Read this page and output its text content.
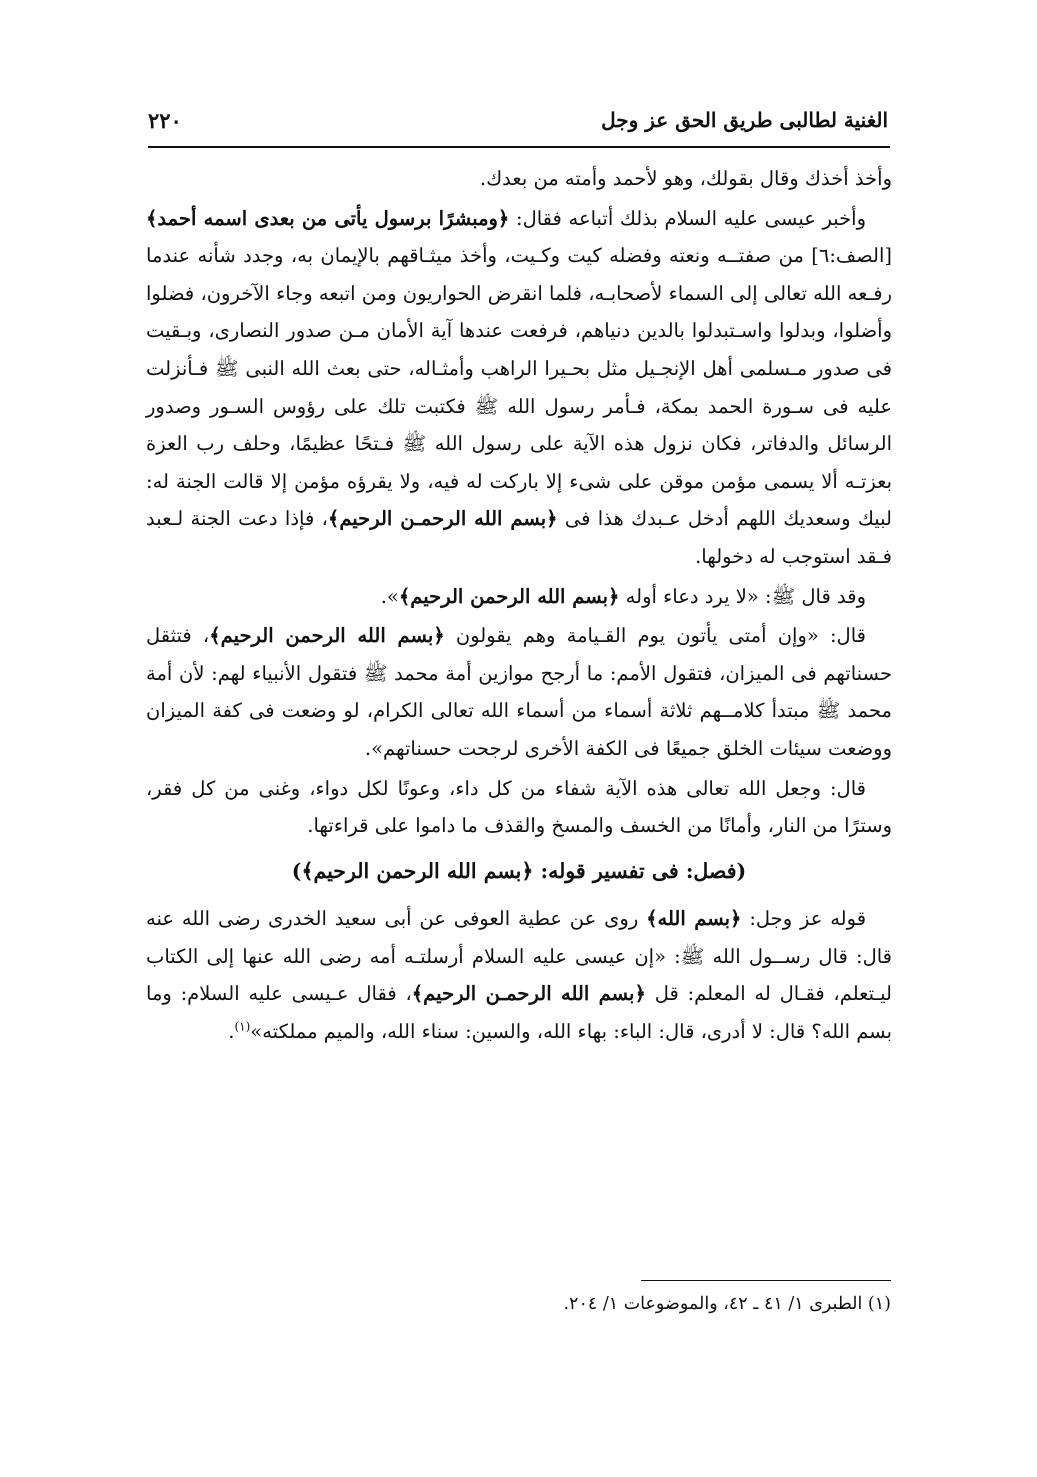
الغنية لطالبى طريق الحق عز وجل
٢٢٠

وأخذ أخذك وقال بقولك، وهو لأحمد وأمته من بعدك.

وأخبر عيسى عليه السلام بذلك أتباعه فقال: ﴿ومبشرًا برسول يأتى من بعدى اسمه أحمد﴾ [الصف:٦] من صفتــه ونعته وفضله كيت وكـيت، وأخذ ميثـاقهم بالإيمان به، وجدد شأنه عندما رفـعه الله تعالى إلى السماء لأصحابـه، فلما انقرض الحواريون ومن اتبعه وجاء الآخرون، فضلوا وأضلوا، وبدلوا واسـتبدلوا بالدين دنياهم، فرفعت عندها آية الأمان مـن صدور النصارى، وبـقيت فى صدور مـسلمى أهل الإنجـيل مثل بحـيرا الراهب وأمثـاله، حتى بعث الله النبى ﷺ فـأنزلت عليه فى سـورة الحمد بمكة، فـأمر رسول الله ﷺ فكتبت تلك على رؤوس السـور وصدور الرسائل والدفاتر، فكان نزول هذه الآية على رسول الله ﷺ فـتحًا عظيمًا، وحلف رب العزة بعزتـه ألا يسمى مؤمن موقن على شىء إلا باركت له فيه، ولا يقرؤه مؤمن إلا قالت الجنة له: لبيك وسعديك اللهم أدخل عـبدك هذا فى ﴿بسم الله الرحمـن الرحيم﴾، فإذا دعت الجنة لـعبد فـقد استوجب له دخولها.

وقد قال ﷺ: «لا يرد دعاء أوله ﴿بسم الله الرحمن الرحيم﴾».

قال: «وإن أمتى يأتون يوم القـيامة وهم يقولون ﴿بسم الله الرحمن الرحيم﴾، فتثقل حسناتهم فى الميزان، فتقول الأمم: ما أرجح موازين أمة محمد ﷺ فتقول الأنبياء لهم: لأن أمة محمد ﷺ مبتدأ كلامــهم ثلاثة أسماء من أسماء الله تعالى الكرام، لو وضعت فى كفة الميزان ووضعت سيئات الخلق جميعًا فى الكفة الأخرى لرجحت حسناتهم».

قال: وجعل الله تعالى هذه الآية شفاء من كل داء، وعونًا لكل دواء، وغنى من كل فقر، وسترًا من النار، وأمانًا من الخسف والمسخ والقذف ما داموا على قراءتها.

(فصل: فى تفسير قوله: ﴿بسم الله الرحمن الرحيم﴾)

قوله عز وجل: ﴿بسم الله﴾ روى عن عطية العوفى عن أبى سعيد الخدرى رضى الله عنه قال: قال رســول الله ﷺ: «إن عيسى عليه السلام أرسلتـه أمه رضى الله عنها إلى الكتاب ليـتعلم، فقـال له المعلم: قل ﴿بسم الله الرحمـن الرحيم﴾، فقال عـيسى عليه السلام: وما بسم الله؟ قال: لا أدرى، قال: الباء: بهاء الله، والسين: سناء الله، والميم مملكته»$^{(١)}$.

(١) الطبرى ١/ ٤١ ـ ٤٢، والموضوعات ١/ ٢٠٤.
